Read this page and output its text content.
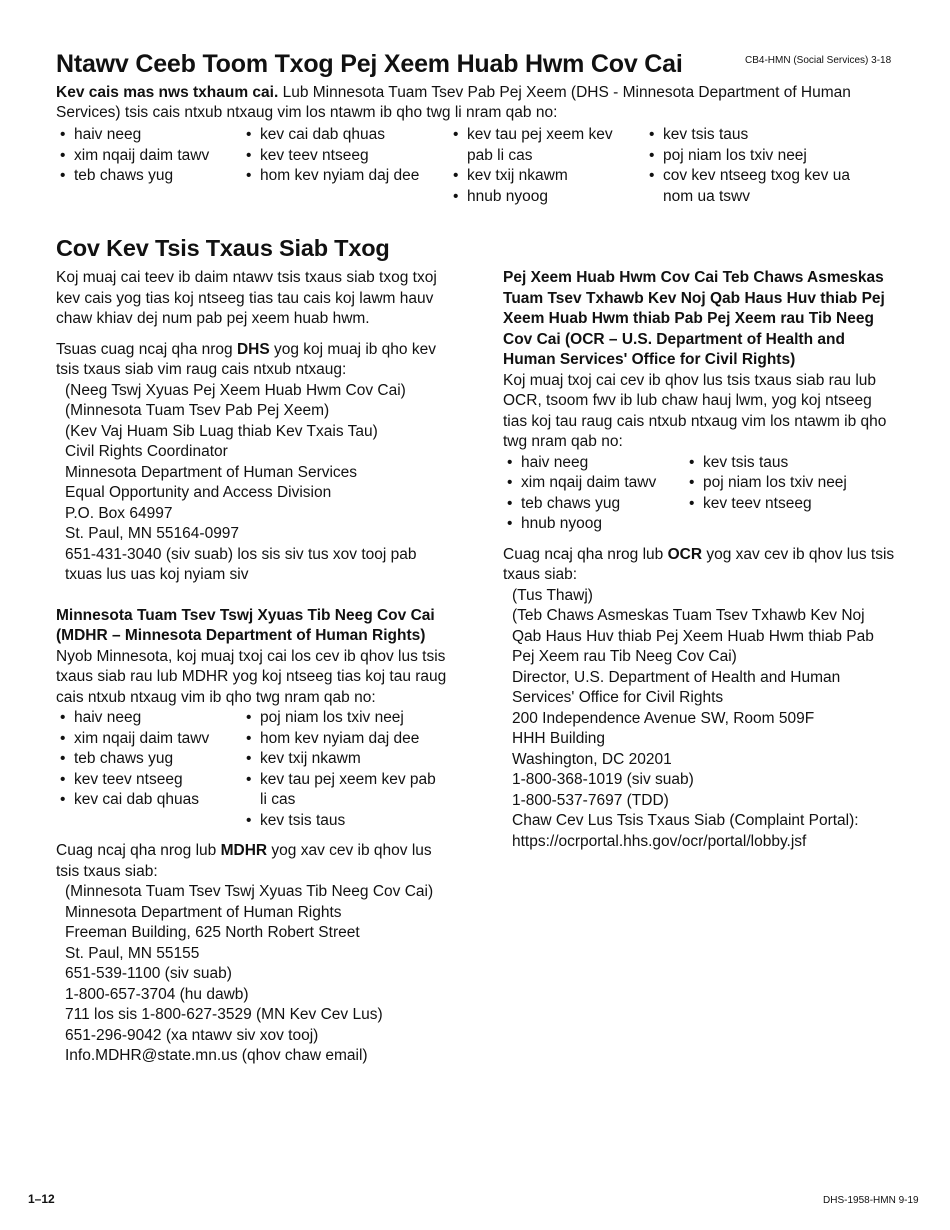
Ntawv Ceeb Toom Txog Pej Xeem Huab Hwm Cov Cai	CB4-HMN (Social Services) 3-18
Kev cais mas nws txhaum cai. Lub Minnesota Tuam Tsev Pab Pej Xeem (DHS - Minnesota Department of Human Services) tsis cais ntxub ntxaug vim los ntawm ib qho twg li nram qab no:
• haiv neeg
• xim nqaij daim tawv
• teb chaws yug
• kev cai dab qhuas
• kev teev ntseeg
• hom kev nyiam daj dee
• kev tau pej xeem kev pab li cas
• kev txij nkawm
• hnub nyoog
• kev tsis taus
• poj niam los txiv neej
• cov kev ntseeg txog kev ua nom ua tswv
Cov Kev Tsis Txaus Siab Txog
Koj muaj cai teev ib daim ntawv tsis txaus siab txog txoj kev cais yog tias koj ntseeg tias tau cais koj lawm hauv chaw khiav dej num pab pej xeem huab hwm.
Tsuas cuag ncaj qha nrog DHS yog koj muaj ib qho kev tsis txaus siab vim raug cais ntxub ntxaug:
(Neeg Tswj Xyuas Pej Xeem Huab Hwm Cov Cai)
(Minnesota Tuam Tsev Pab Pej Xeem)
(Kev Vaj Huam Sib Luag thiab Kev Txais Tau)
Civil Rights Coordinator
Minnesota Department of Human Services
Equal Opportunity and Access Division
P.O. Box 64997
St. Paul, MN 55164-0997
651-431-3040 (siv suab) los sis siv tus xov tooj pab txuas lus uas koj nyiam siv
Minnesota Tuam Tsev Tswj Xyuas Tib Neeg Cov Cai (MDHR – Minnesota Department of Human Rights)
Nyob Minnesota, koj muaj txoj cai los cev ib qhov lus tsis txaus siab rau lub MDHR yog koj ntseeg tias koj tau raug cais ntxub ntxaug vim ib qho twg nram qab no:
• haiv neeg
• xim nqaij daim tawv
• teb chaws yug
• kev teev ntseeg
• kev cai dab qhuas
• poj niam los txiv neej
• hom kev nyiam daj dee
• kev txij nkawm
• kev tau pej xeem kev pab li cas
• kev tsis taus
Cuag ncaj qha nrog lub MDHR yog xav cev ib qhov lus tsis txaus siab:
(Minnesota Tuam Tsev Tswj Xyuas Tib Neeg Cov Cai)
Minnesota Department of Human Rights
Freeman Building, 625 North Robert Street
St. Paul, MN 55155
651-539-1100 (siv suab)
1-800-657-3704 (hu dawb)
711 los sis 1-800-627-3529 (MN Kev Cev Lus)
651-296-9042 (xa ntawv siv xov tooj)
Info.MDHR@state.mn.us (qhov chaw email)
Pej Xeem Huab Hwm Cov Cai Teb Chaws Asmeskas Tuam Tsev Txhawb Kev Noj Qab Haus Huv thiab Pej Xeem Huab Hwm thiab Pab Pej Xeem rau Tib Neeg Cov Cai (OCR – U.S. Department of Health and Human Services' Office for Civil Rights)
Koj muaj txoj cai cev ib qhov lus tsis txaus siab rau lub OCR, tsoom fwv ib lub chaw hauj lwm, yog koj ntseeg tias koj tau raug cais ntxub ntxaug vim los ntawm ib qho twg nram qab no:
• haiv neeg
• xim nqaij daim tawv
• teb chaws yug
• hnub nyoog
• kev tsis taus
• poj niam los txiv neej
• kev teev ntseeg
Cuag ncaj qha nrog lub OCR yog xav cev ib qhov lus tsis txaus siab:
(Tus Thawj)
(Teb Chaws Asmeskas Tuam Tsev Txhawb Kev Noj Qab Haus Huv thiab Pej Xeem Huab Hwm thiab Pab Pej Xeem rau Tib Neeg Cov Cai)
Director, U.S. Department of Health and Human Services' Office for Civil Rights
200 Independence Avenue SW, Room 509F
HHH Building
Washington, DC 20201
1-800-368-1019 (siv suab)
1-800-537-7697 (TDD)
Chaw Cev Lus Tsis Txaus Siab (Complaint Portal):
https://ocrportal.hhs.gov/ocr/portal/lobby.jsf
1–12	DHS-1958-HMN 9-19
